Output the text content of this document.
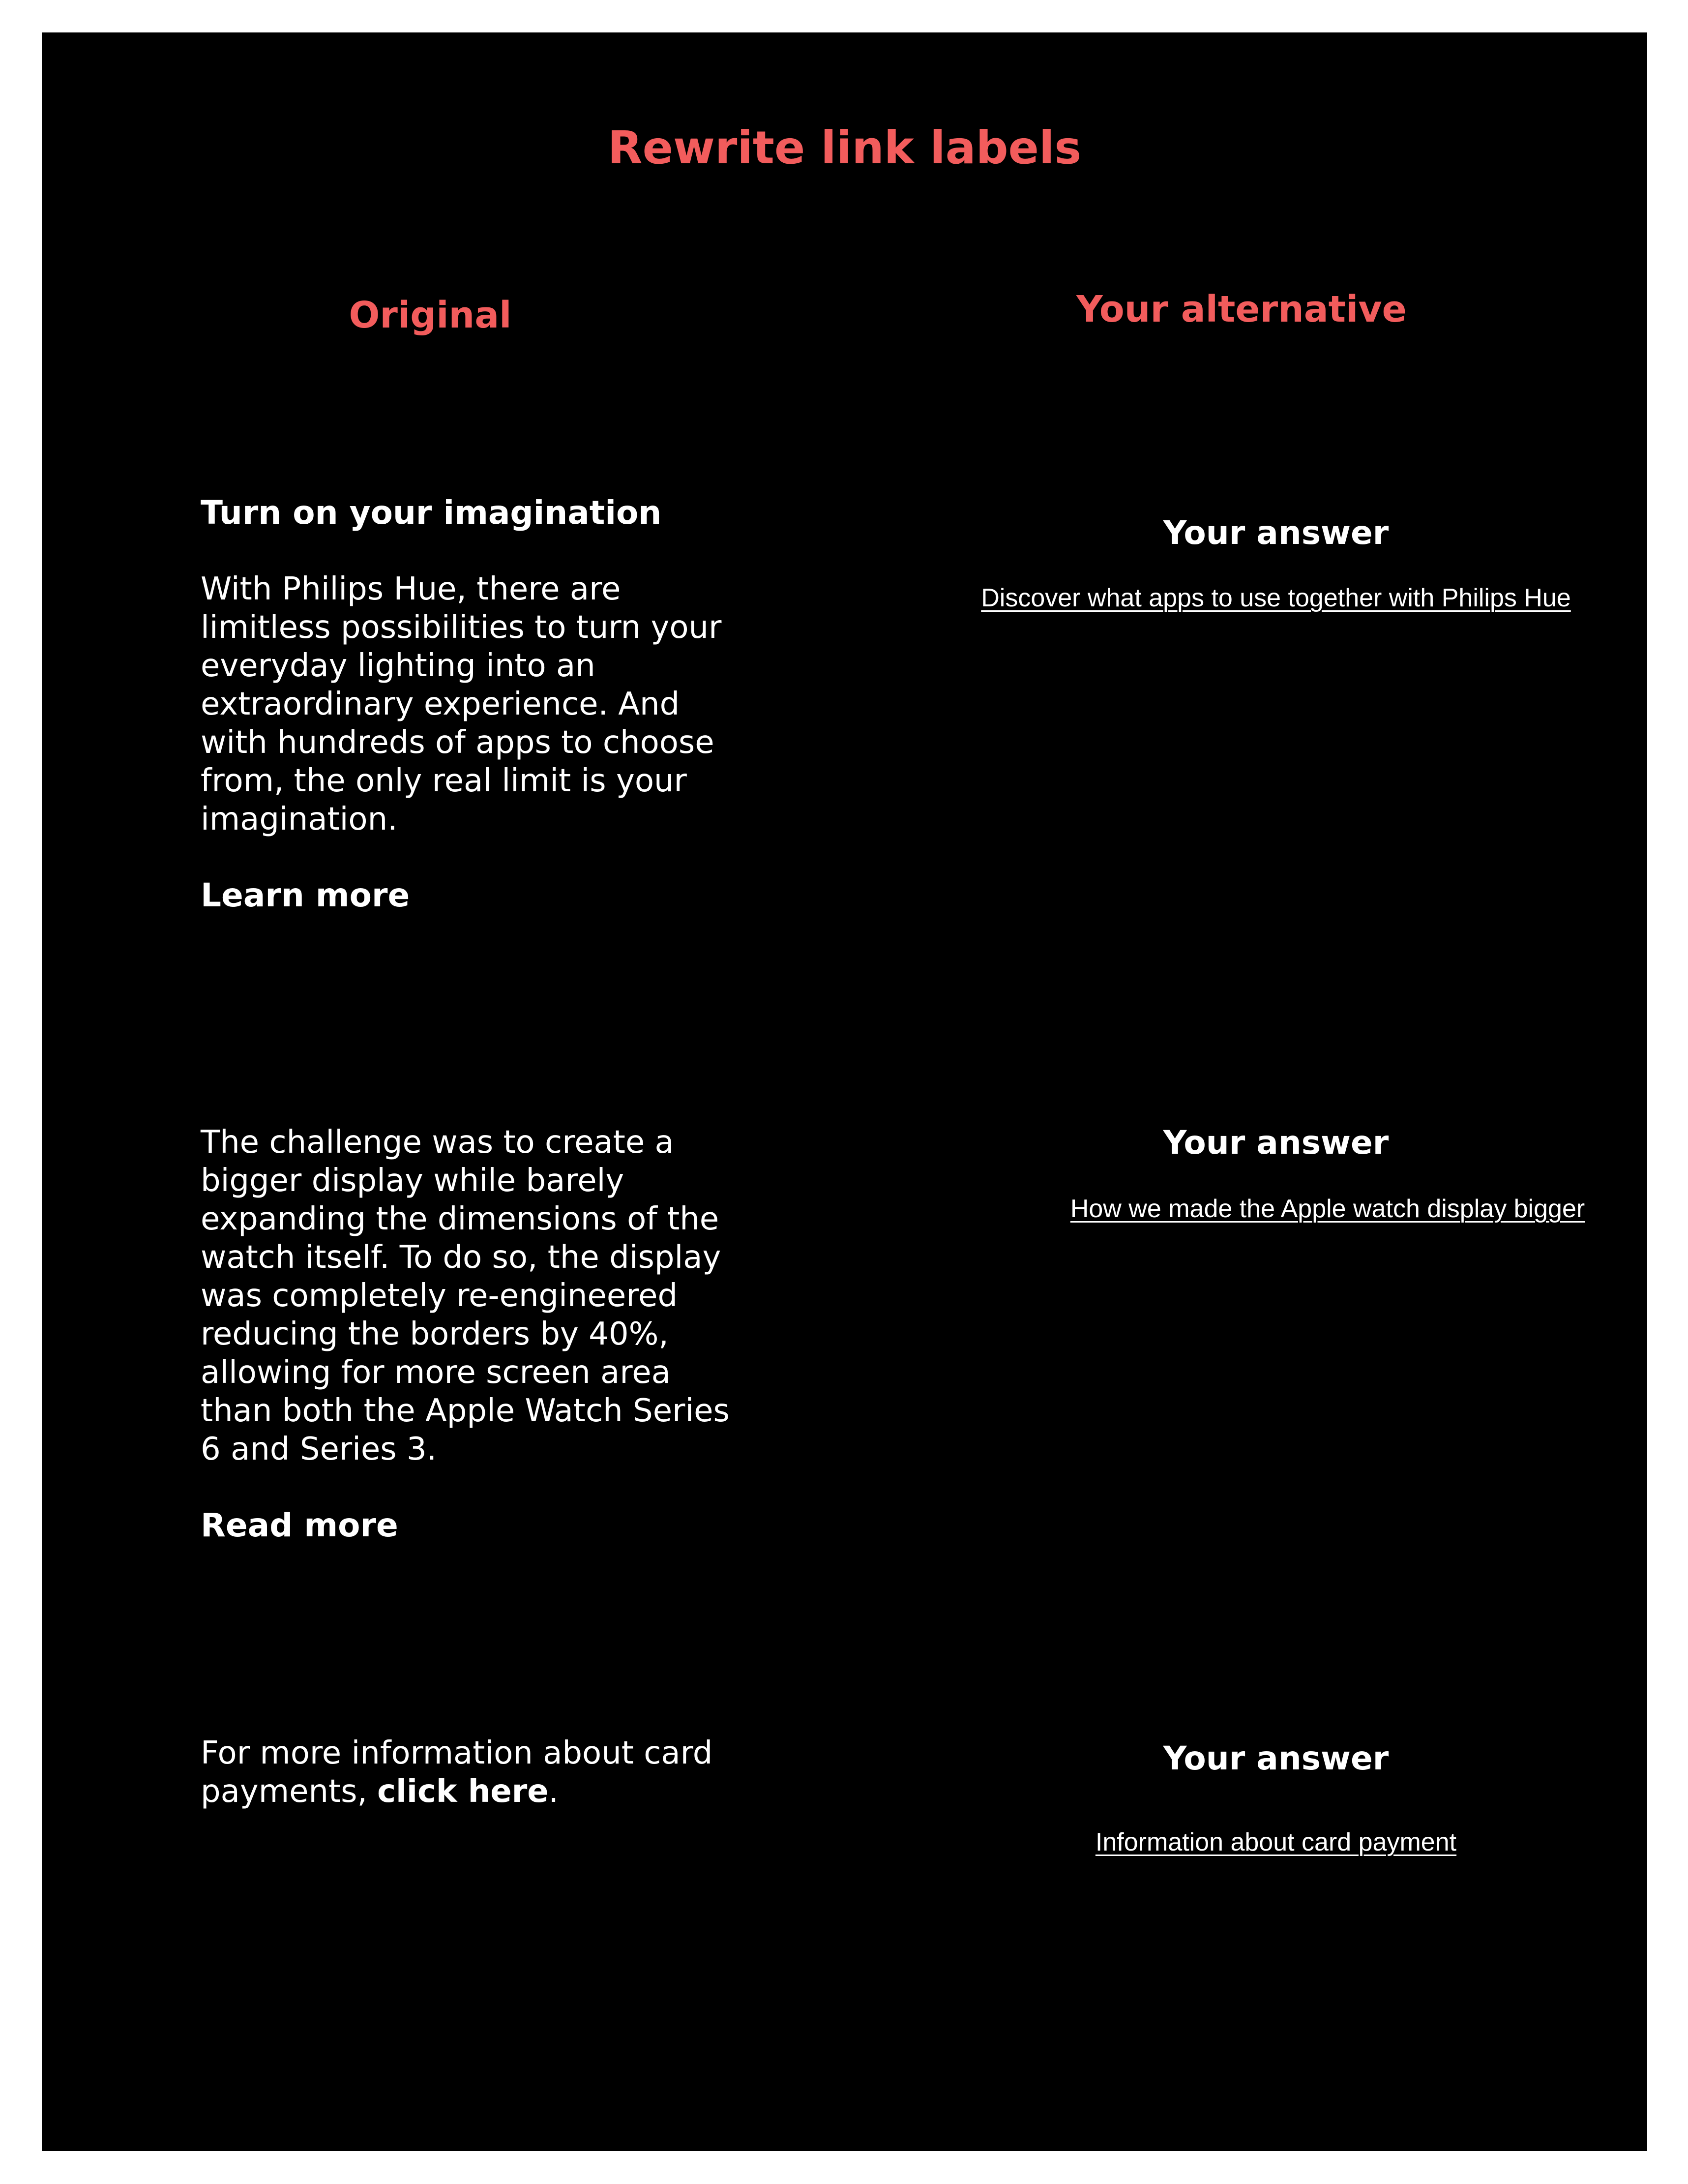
Rewrite link labels
Original	Your alternative

Turn on your imagination

With Philips Hue, there are limitless possibilities to turn your everyday lighting into an extraordinary experience. And with hundreds of apps to choose from, the only real limit is your imagination.

Learn more

Your answer

Discover what apps to use together with Philips Hue

The challenge was to create a bigger display while barely expanding the dimensions of the watch itself. To do so, the display was completely re-engineered reducing the borders by 40%, allowing for more screen area than both the Apple Watch Series 6 and Series 3.

Read more

Your answer

How we made the Apple watch display bigger

For more information about card payments, click here.

Your answer

Information about card payment
